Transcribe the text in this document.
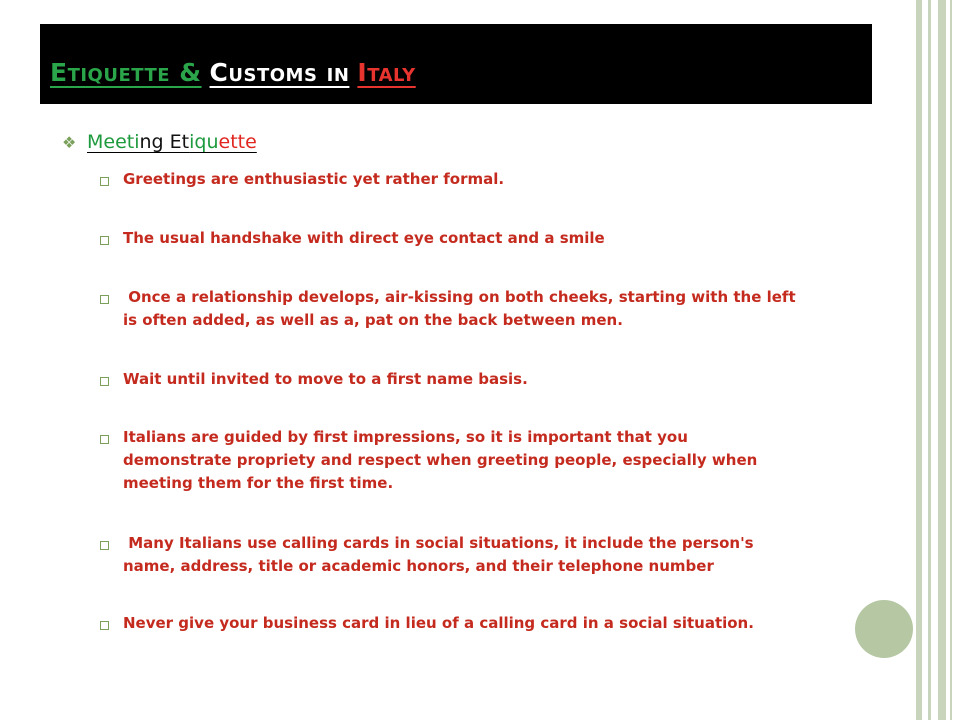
Etiquette & Customs in Italy
❖ Meeting Etiquette
Greetings are enthusiastic yet rather formal.
The usual handshake with direct eye contact and a smile
Once a relationship develops, air-kissing on both cheeks, starting with the left is often added, as well as a, pat on the back between men.
Wait until invited to move to a first name basis.
Italians are guided by first impressions, so it is important that you demonstrate propriety and respect when greeting people, especially when meeting them for the first time.
Many Italians use calling cards in social situations, it include the person's name, address, title or academic honors, and their telephone number
Never give your business card in lieu of a calling card in a social situation.
